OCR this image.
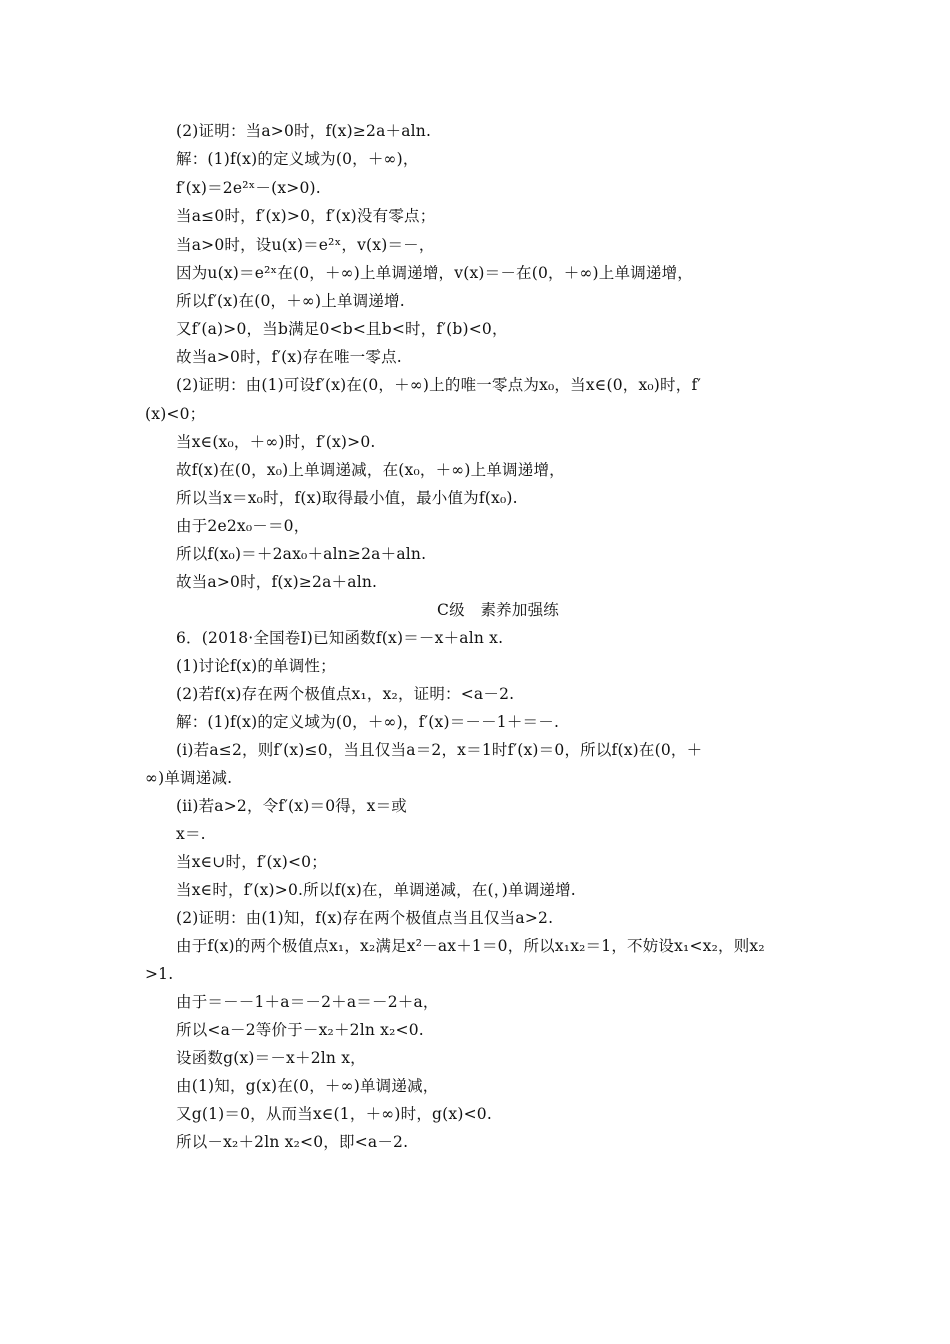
(2)证明：当a>0时，f(x)≥2a＋aln.
解：(1)f(x)的定义域为(0，＋∞)，
f′(x)＝2e²ˣ－(x>0).
当a≤0时，f′(x)>0，f′(x)没有零点；
当a>0时，设u(x)＝e²ˣ，v(x)＝－，
因为u(x)＝e²ˣ在(0，＋∞)上单调递增，v(x)＝－在(0，＋∞)上单调递增，
所以f′(x)在(0，＋∞)上单调递增.
又f′(a)>0，当b满足0<b<且b<时，f′(b)<0，
故当a>0时，f′(x)存在唯一零点.
(2)证明：由(1)可设f′(x)在(0，＋∞)上的唯一零点为x₀，当x∈(0，x₀)时，f′
(x)<0；
当x∈(x₀，＋∞)时，f′(x)>0.
故f(x)在(0，x₀)上单调递减，在(x₀，＋∞)上单调递增，
所以当x＝x₀时，f(x)取得最小值，最小值为f(x₀).
由于2e2x₀－＝0，
所以f(x₀)＝＋2ax₀＋aln≥2a＋aln.
故当a>0时，f(x)≥2a＋aln.
C级　素养加强练
6．(2018·全国卷Ⅰ)已知函数f(x)＝－x＋aln x.
(1)讨论f(x)的单调性；
(2)若f(x)存在两个极值点x₁，x₂，证明：<a－2.
解：(1)f(x)的定义域为(0，＋∞)，f′(x)＝－－1＋＝－.
(ⅰ)若a≤2，则f′(x)≤0，当且仅当a＝2，x＝1时f′(x)＝0，所以f(x)在(0，＋
∞)单调递减.
(ⅱ)若a>2，令f′(x)＝0得，x＝或
x＝.
当x∈∪时，f′(x)<0；
当x∈时，f′(x)>0.所以f(x)在，单调递减，在(，)单调递增.
(2)证明：由(1)知，f(x)存在两个极值点当且仅当a>2.
由于f(x)的两个极值点x₁，x₂满足x²－ax＋1＝0，所以x₁x₂＝1，不妨设x₁<x₂，则x₂
>1.
由于＝－－1＋a＝－2＋a＝－2＋a，
所以<a－2等价于－x₂＋2ln x₂<0.
设函数g(x)＝－x＋2ln x，
由(1)知，g(x)在(0，＋∞)单调递减，
又g(1)＝0，从而当x∈(1，＋∞)时，g(x)<0.
所以－x₂＋2ln x₂<0，即<a－2.
